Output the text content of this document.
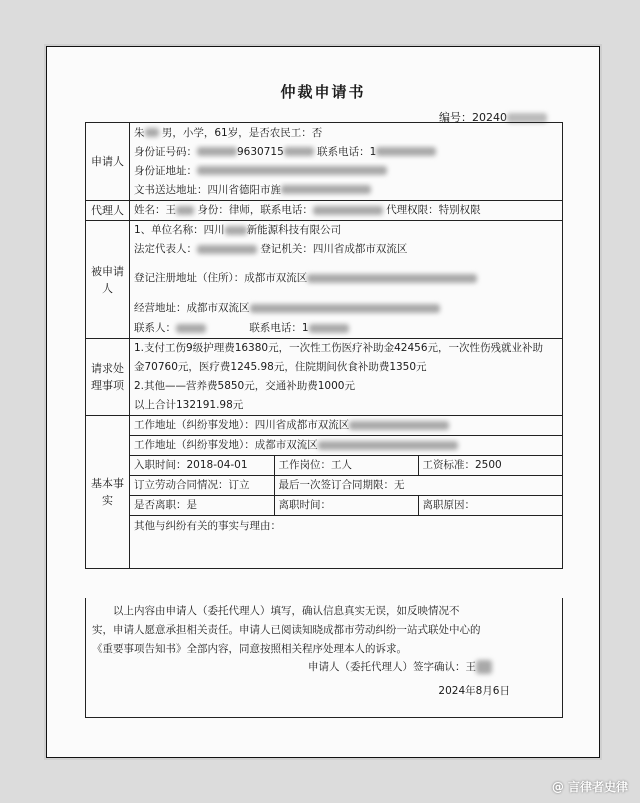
仲裁申请书
编号：20240
申请人	
朱 男，小学，61岁，是否农民工：否
身份证号码：	9630715	联系电话：1
身份证地址：
文书送达地址：四川省德阳市旌

代理人	姓名：王 身份：律师，联系电话：	代理权限：特别权限

被申请人	
1、单位名称：四川 新能源科技有限公司
法定代表人：	登记机关：四川省成都市双流区
登记注册地址（住所）：成都市双流区
经营地址：成都市双流区
联系人：	联系电话：1

请求处理事项	
1.支付工伤9级护理费16380元，一次性工伤医疗补助金42456元，一次性伤残就业补助
金70760元，医疗费1245.98元，住院期间伙食补助费1350元
2.其他——营养费5850元，交通补助费1000元
以上合计132191.98元

基本事实	
工作地址（纠纷事发地）：四川省成都市双流区
工作地址（纠纷事发地）：成都市双流区
入职时间：2018-04-01	工作岗位：工人	工资标准：2500
订立劳动合同情况：订立	最后一次签订合同期限：无
是否离职：是	离职时间：	离职原因：
其他与纠纷有关的事实与理由：
以上内容由申请人（委托代理人）填写，确认信息真实无误，如反映情况不
实，申请人愿意承担相关责任。申请人已阅读知晓成都市劳动纠纷一站式联处中心的
《重要事项告知书》全部内容，同意按照相关程序处理本人的诉求。
申请人（委托代理人）签字确认：王
2024年8月6日
@ 言律者史律
